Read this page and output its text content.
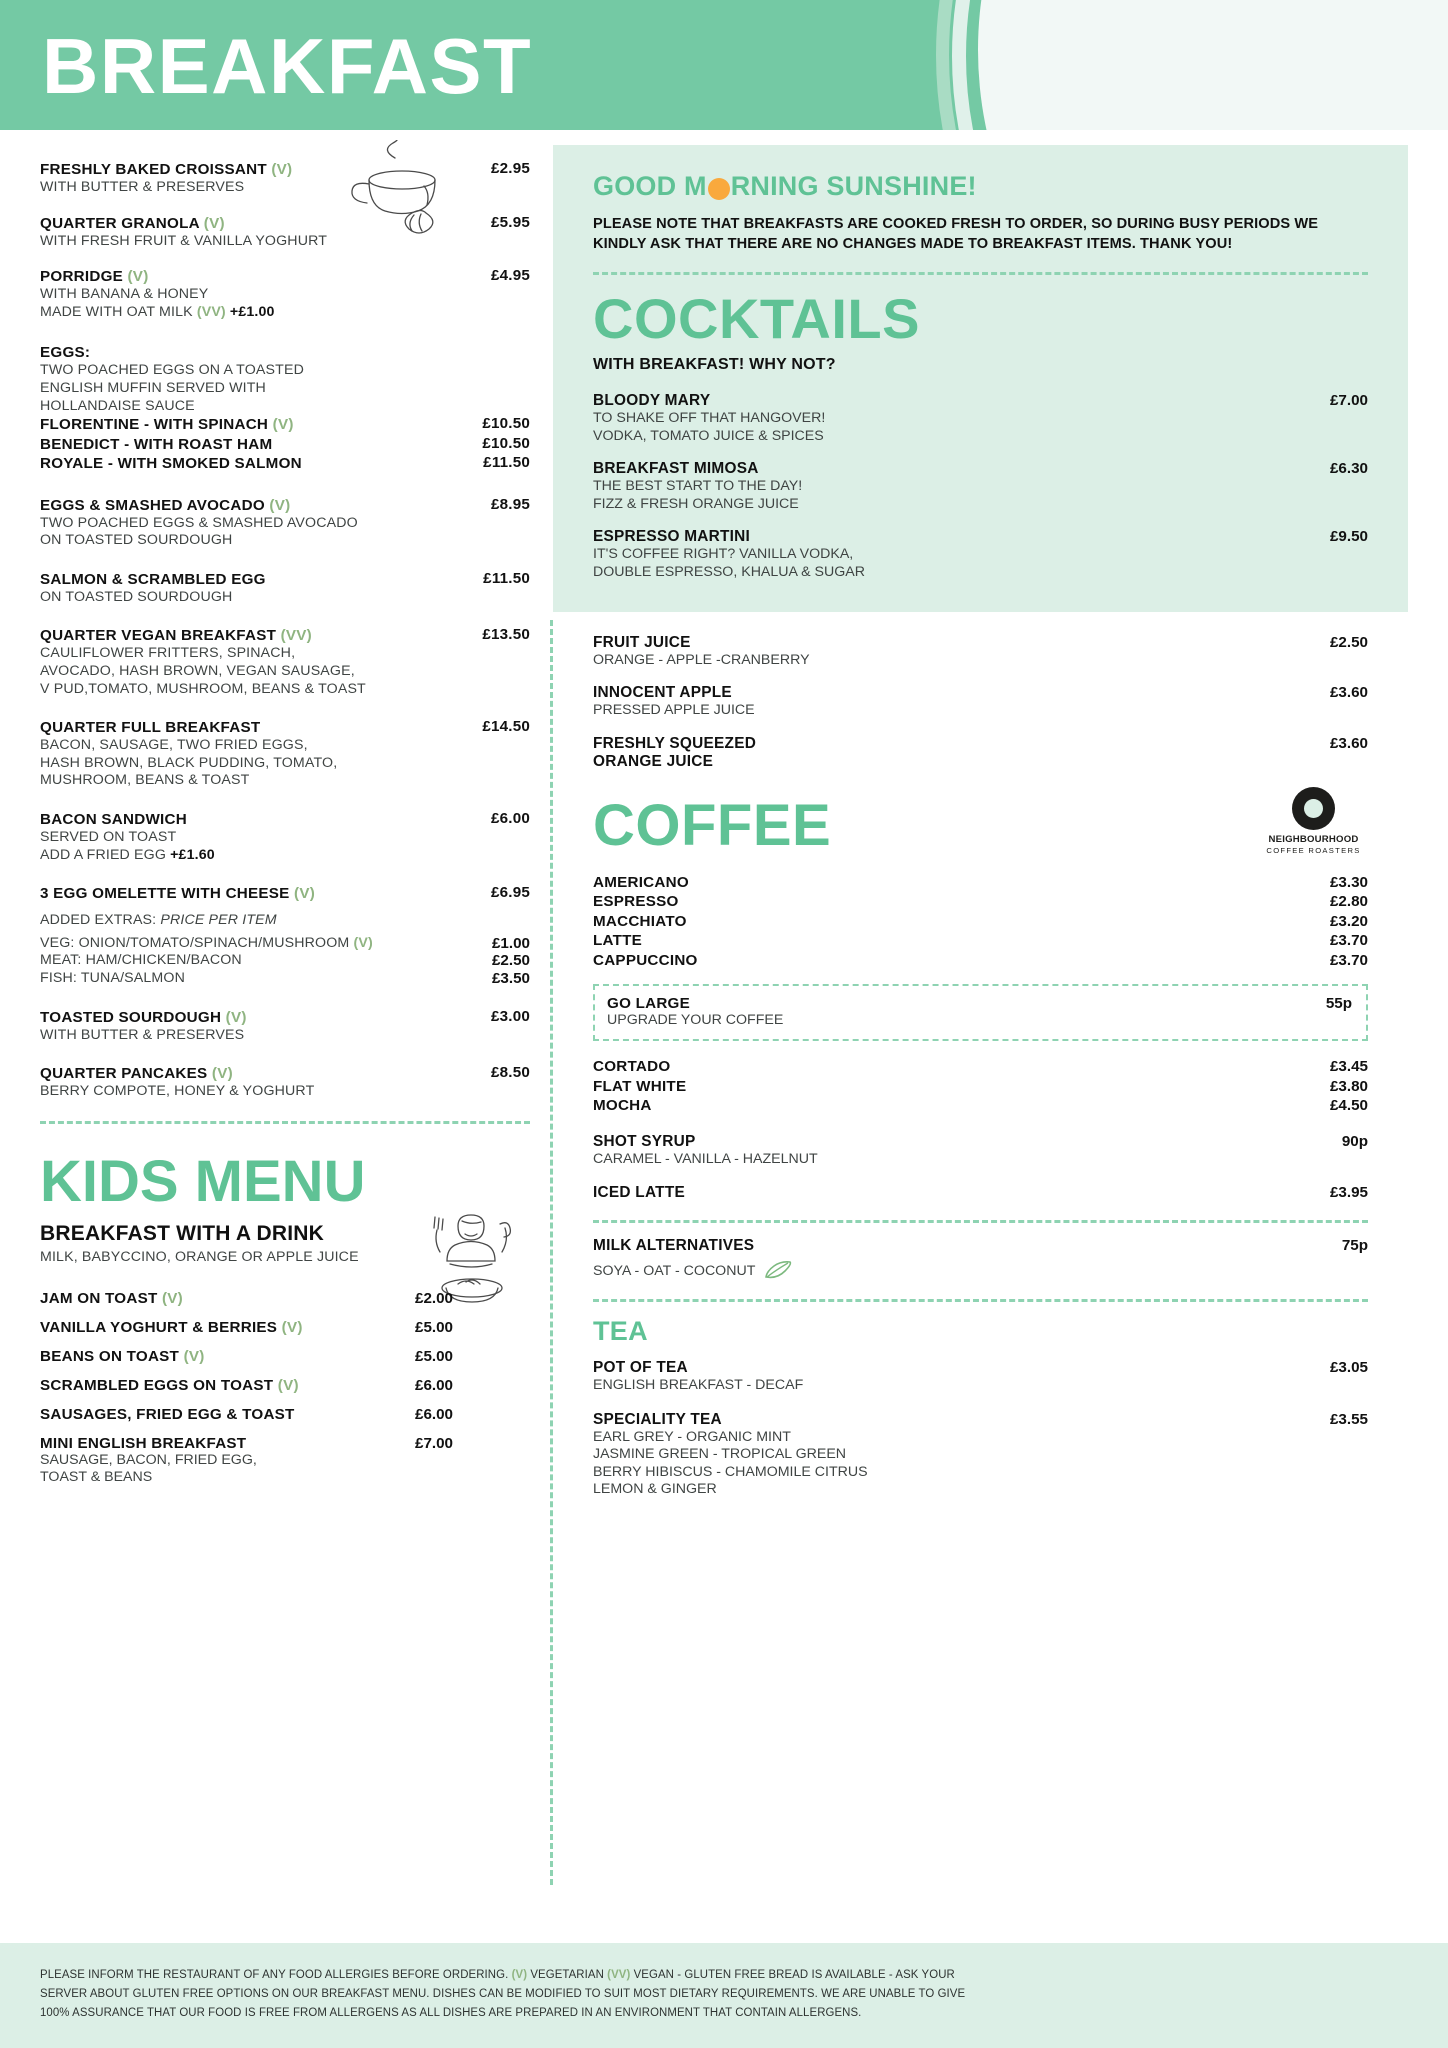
BREAKFAST
FRESHLY BAKED CROISSANT (V)
WITH BUTTER & PRESERVES
£2.95
QUARTER GRANOLA (V)
WITH FRESH FRUIT & VANILLA YOGHURT
£5.95
PORRIDGE (V)
WITH BANANA & HONEY
MADE WITH OAT MILK (VV) +£1.00
£4.95
EGGS:
TWO POACHED EGGS ON A TOASTED
ENGLISH MUFFIN SERVED WITH
HOLLANDAISE SAUCE
FLORENTINE - WITH SPINACH (V)	£10.50
BENEDICT - WITH ROAST HAM	£10.50
ROYALE - WITH SMOKED SALMON	£11.50
EGGS & SMASHED AVOCADO (V)
TWO POACHED EGGS & SMASHED AVOCADO
ON TOASTED SOURDOUGH
£8.95
SALMON & SCRAMBLED EGG
ON TOASTED SOURDOUGH
£11.50
QUARTER VEGAN BREAKFAST (VV)
CAULIFLOWER FRITTERS, SPINACH,
AVOCADO, HASH BROWN, VEGAN SAUSAGE,
V PUD,TOMATO, MUSHROOM, BEANS & TOAST
£13.50
QUARTER FULL BREAKFAST
BACON, SAUSAGE, TWO FRIED EGGS,
HASH BROWN, BLACK PUDDING, TOMATO,
MUSHROOM, BEANS & TOAST
£14.50
BACON SANDWICH
SERVED ON TOAST
ADD A FRIED EGG +£1.60
£6.00
3 EGG OMELETTE WITH CHEESE (V)	£6.95
ADDED EXTRAS: PRICE PER ITEM
VEG: ONION/TOMATO/SPINACH/MUSHROOM (V)	£1.00
MEAT: HAM/CHICKEN/BACON	£2.50
FISH: TUNA/SALMON	£3.50
TOASTED SOURDOUGH (V)
WITH BUTTER & PRESERVES
£3.00
QUARTER PANCAKES (V)
BERRY COMPOTE, HONEY & YOGHURT
£8.50
KIDS MENU
BREAKFAST WITH A DRINK
MILK, BABYCCINO, ORANGE OR APPLE JUICE
JAM ON TOAST (V)	£2.00
VANILLA YOGHURT & BERRIES (V)	£5.00
BEANS ON TOAST (V)	£5.00
SCRAMBLED EGGS ON TOAST (V)	£6.00
SAUSAGES, FRIED EGG & TOAST	£6.00
MINI ENGLISH BREAKFAST
SAUSAGE, BACON, FRIED EGG,
TOAST & BEANS
£7.00
GOOD M RNING SUNSHINE!
PLEASE NOTE THAT BREAKFASTS ARE COOKED FRESH TO ORDER, SO DURING BUSY PERIODS WE KINDLY ASK THAT THERE ARE NO CHANGES MADE TO BREAKFAST ITEMS. THANK YOU!
COCKTAILS
WITH BREAKFAST! WHY NOT?
BLOODY MARY
TO SHAKE OFF THAT HANGOVER!
VODKA, TOMATO JUICE & SPICES
£7.00
BREAKFAST MIMOSA
THE BEST START TO THE DAY!
FIZZ & FRESH ORANGE JUICE
£6.30
ESPRESSO MARTINI
IT'S COFFEE RIGHT? VANILLA VODKA,
DOUBLE ESPRESSO, KHALUA & SUGAR
£9.50
FRUIT JUICE
ORANGE - APPLE -CRANBERRY
£2.50
INNOCENT APPLE
PRESSED APPLE JUICE
£3.60
FRESHLY SQUEEZED
ORANGE JUICE
£3.60
COFFEE	NEIGHBOURHOOD
COFFEE ROASTERS
AMERICANO	£3.30
ESPRESSO	£2.80
MACCHIATO	£3.20
LATTE	£3.70
CAPPUCCINO	£3.70
GO LARGE
UPGRADE YOUR COFFEE
55p
CORTADO	£3.45
FLAT WHITE	£3.80
MOCHA	£4.50
SHOT SYRUP
CARAMEL - VANILLA - HAZELNUT
90p
ICED LATTE	£3.95
MILK ALTERNATIVES
SOYA - OAT - COCONUT
75p
TEA
POT OF TEA
ENGLISH BREAKFAST - DECAF
£3.05
SPECIALITY TEA
EARL GREY - ORGANIC MINT
JASMINE GREEN - TROPICAL GREEN
BERRY HIBISCUS - CHAMOMILE CITRUS
LEMON & GINGER
£3.55

PLEASE INFORM THE RESTAURANT OF ANY FOOD ALLERGIES BEFORE ORDERING. (V) VEGETARIAN (VV) VEGAN - GLUTEN FREE BREAD IS AVAILABLE - ASK YOUR

SERVER ABOUT GLUTEN FREE OPTIONS ON OUR BREAKFAST MENU. DISHES CAN BE MODIFIED TO SUIT MOST DIETARY REQUIREMENTS. WE ARE UNABLE TO GIVE

100% ASSURANCE THAT OUR FOOD IS FREE FROM ALLERGENS AS ALL DISHES ARE PREPARED IN AN ENVIRONMENT THAT CONTAIN ALLERGENS.
